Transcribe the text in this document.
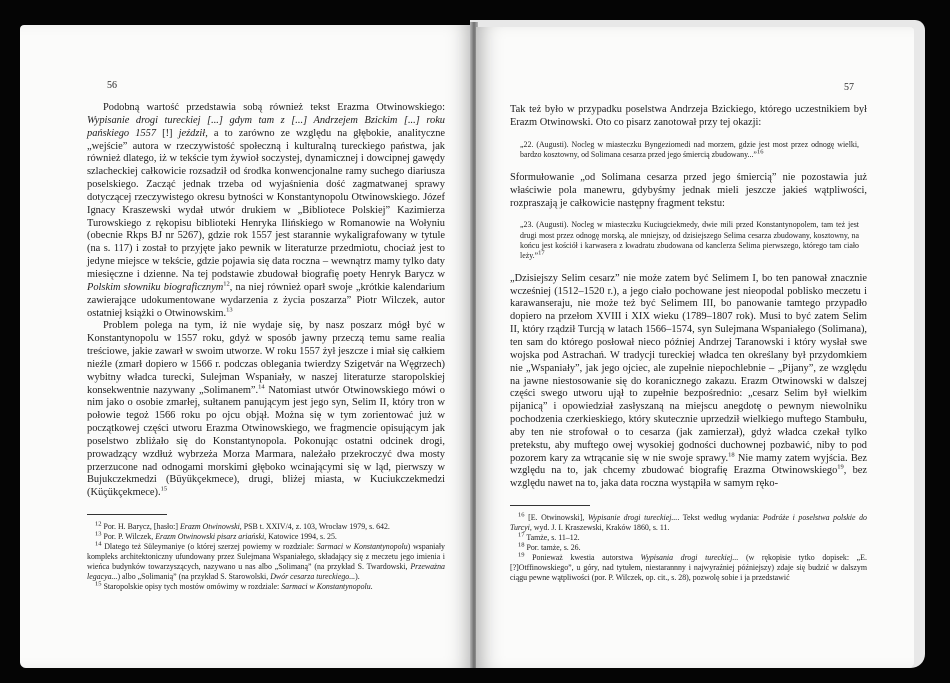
56

Podobną wartość przedstawia sobą również tekst Erazma Otwinowskiego: Wypisanie drogi tureckiej [...] gdym tam z [...] Andrzejem Bzickim [...] roku pańskiego 1557 [!] jeździł, a to zarówno ze względu na głębokie, analityczne „wejście” autora w rzeczywistość społeczną i kulturalną tureckiego państwa, jak również dlatego, iż w tekście tym żywioł soczystej, dynamicznej i dowcipnej gawędy szlacheckiej całkowicie rozsadził od środka konwencjonalne ramy suchego diariusza poselskiego. Zacząć jednak trzeba od wyjaśnienia dość zagmatwanej sprawy dotyczącej rzeczywistego okresu bytności w Konstantynopolu Otwinowskiego. Józef Ignacy Kraszewski wydał utwór drukiem w „Bibliotece Polskiej” Kazimierza Turowskiego z rękopisu biblioteki Henryka Ilińskiego w Romanowie na Wołyniu (obecnie Rkps BJ nr 5267), gdzie rok 1557 jest starannie wykaligrafowany w tytule (na s. 117) i został to przyjęte jako pewnik w literaturze przedmiotu, chociaż jest to jedyne miejsce w tekście, gdzie pojawia się data roczna – wewnątrz mamy tylko daty miesięczne i dzienne. Na tej podstawie zbudował biografię poety Henryk Barycz w Polskim słowniku biograficznym$^{12}$, na niej również oparł swoje „krótkie kalendarium zawierające udokumentowane wydarzenia z życia poszarza” Piotr Wilczek, autor ostatniej książki o Otwinowskim.$^{13}$

Problem polega na tym, iż nie wydaje się, by nasz poszarz mógł być w Konstantynopolu w 1557 roku, gdyż w sposób jawny przeczą temu same realia treściowe, jakie zawarł w swoim utworze. W roku 1557 żył jeszcze i miał się całkiem nieźle (zmarł dopiero w 1566 r. podczas oblegania twierdzy Szigetvár na Węgrzech) wybitny władca turecki, Sulejman Wspaniały, w naszej literaturze staropolskiej konsekwentnie nazywany „Solimanem”.$^{14}$ Natomiast utwór Otwinowskiego mówi o nim jako o osobie zmarłej, sułtanem panującym jest jego syn, Selim II, który tron w połowie tegoż 1566 roku po ojcu objął. Można się w tym zorientować już w początkowej części utworu Erazma Otwinowskiego, we fragmencie opisującym jak poselstwo zbliżało się do Konstantynopola. Pokonując ostatni odcinek drogi, prowadzący wzdłuż wybrzeża Morza Marmara, należało przekroczyć dwa mosty przerzucone nad odnogami morskimi głęboko wcinającymi się w ląd, pierwszy w Bujukczekmedzi (Büyükçekmece), drugi, bliżej miasta, w Kuciukczekmedzi (Küçükçekmece).$^{15}$

$^{12}$ Por. H. Barycz, [hasło:] Erazm Otwinowski, PSB t. XXIV/4, z. 103, Wrocław 1979, s. 642.

$^{13}$ Por. P. Wilczek, Erazm Otwinowski pisarz ariański, Katowice 1994, s. 25.

$^{14}$ Dlatego też Süleymaniye (o której szerzej powiemy w rozdziale: Sarmaci w Konstantynopolu) wspaniały kompleks architektoniczny ufundowany przez Sulejmana Wspaniałego, składający się z meczetu jego imienia i wieńca budynków towarzyszących, nazywano u nas albo „Solimaną” (na przykład S. Twardowski, Przeważna legacya...) albo „Solimanią” (na przykład S. Starowolski, Dwór cesarza tureckiego...).

$^{15}$ Staropolskie opisy tych mostów omówimy w rozdziale: Sarmaci w Konstantynopolu.

57

Tak też było w przypadku poselstwa Andrzeja Bzickiego, którego uczestnikiem był Erazm Otwinowski. Oto co pisarz zanotował przy tej okazji:

„22. (Augusti). Nocleg w miasteczku Byngeziomedi nad morzem, gdzie jest most przez odnogę wielki, bardzo kosztowny, od Solimana cesarza przed jego śmiercią zbudowany...”$^{16}$

Sformułowanie „od Solimana cesarza przed jego śmiercią” nie pozostawia już właściwie pola manewru, gdybyśmy jednak mieli jeszcze jakieś wątpliwości, rozpraszają je całkowicie następny fragment tekstu:

„23. (Augusti). Nocleg w miasteczku Kuciugciekmedy, dwie mili przed Konstantynopolem, tam też jest drugi most przez odnogę morską, ale mniejszy, od dzisiejszego Selima cesarza zbudowany, kosztowny, na końcu jest kościół i karwasera z kwadratu zbudowana od kanclerza Selima pierwszego, którego tam ciało leży.”$^{17}$

„Dzisiejszy Selim cesarz” nie może zatem być Selimem I, bo ten panował znacznie wcześniej (1512–1520 r.), a jego ciało pochowane jest nieopodal poblisko meczetu i karawanseraju, nie może też być Selimem III, bo panowanie tamtego przypadło dopiero na przełom XVIII i XIX wieku (1789–1807 rok). Musi to być zatem Selim II, który rządził Turcją w latach 1566–1574, syn Sulejmana Wspaniałego (Solimana), ten sam do którego posłował nieco później Andrzej Taranowski i który wysłał swe wojska pod Astrachań. W tradycji tureckiej władca ten określany był przydomkiem nie „Wspaniały”, jak jego ojciec, ale zupełnie niepochlebnie – „Pijany”, ze względu na jawne niestosowanie się do koranicznego zakazu. Erazm Otwinowski w dalszej części swego utworu ujął to zupełnie bezpośrednio: „cesarz Selim był wielkim pijanicą” i opowiedział zasłyszaną na miejscu anegdotę o pewnym niewolniku pochodzenia czerkieskiego, który skutecznie uprzedził wielkiego muftego Stambułu, aby ten nie strofował o to cesarza (jak zamierzał), gdyż władca czekał tylko pretekstu, aby muftego owej wysokiej godności duchownej pozbawić, niby to pod pozorem kary za wtrącanie się w nie swoje sprawy.$^{18}$ Nie mamy zatem wyjścia. Bez względu na to, jak chcemy zbudować biografię Erazma Otwinowskiego$^{19}$, bez względu nawet na to, jaka data roczna wystąpiła w samym ręko-

$^{16}$ [E. Otwinowski], Wypisanie drogi tureckiej.... Tekst według wydania: Podróże i poselstwa polskie do Turcyi, wyd. J. I. Kraszewski, Kraków 1860, s. 11.

$^{17}$ Tamże, s. 11–12.

$^{18}$ Por. tamże, s. 26.

$^{19}$ Ponieważ kwestia autorstwa Wypisania drogi tureckiej... (w rękopisie tytko dopisek: „E. [?]Otffinowskiego”, u góry, nad tytułem, niestarannny i najwyraźniej późniejszy) zdaje się budzić w dalszym ciągu pewne wątpliwości (por. P. Wilczek, op. cit., s. 28), pozwolę sobie i ja przedstawić
